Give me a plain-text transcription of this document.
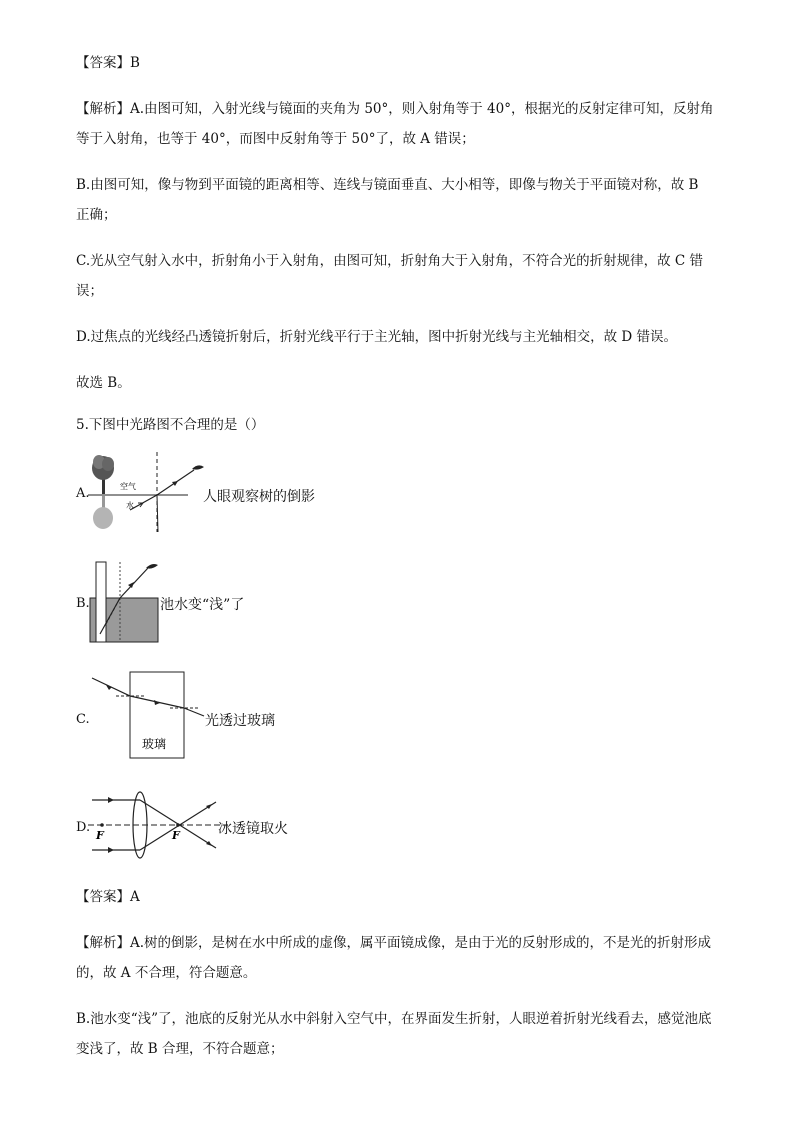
【答案】B

【解析】A.由图可知，入射光线与镜面的夹角为 50°，则入射角等于 40°，根据光的反射定律可知，反射角等于入射角，也等于 40°，而图中反射角等于 50°了，故 A 错误；

B.由图可知，像与物到平面镜的距离相等、连线与镜面垂直、大小相等，即像与物关于平面镜对称，故 B 正确；

C.光从空气射入水中，折射角小于入射角，由图可知，折射角大于入射角，不符合光的折射规律，故 C 错误；

D.过焦点的光线经凸透镜折射后，折射光线平行于主光轴，图中折射光线与主光轴相交，故 D 错误。

故选 B。

5.下图中光路图不合理的是（）

A.	空气
水
人眼观察树的倒影
B.	池水变“浅”了
C.
玻璃
光透过玻璃
D.
F	F	冰透镜取火

【答案】A

【解析】A.树的倒影，是树在水中所成的虚像，属平面镜成像，是由于光的反射形成的，不是光的折射形成的，故 A 不合理，符合题意。

B.池水变“浅”了，池底的反射光从水中斜射入空气中，在界面发生折射，人眼逆着折射光线看去，感觉池底变浅了，故 B 合理，不符合题意；
